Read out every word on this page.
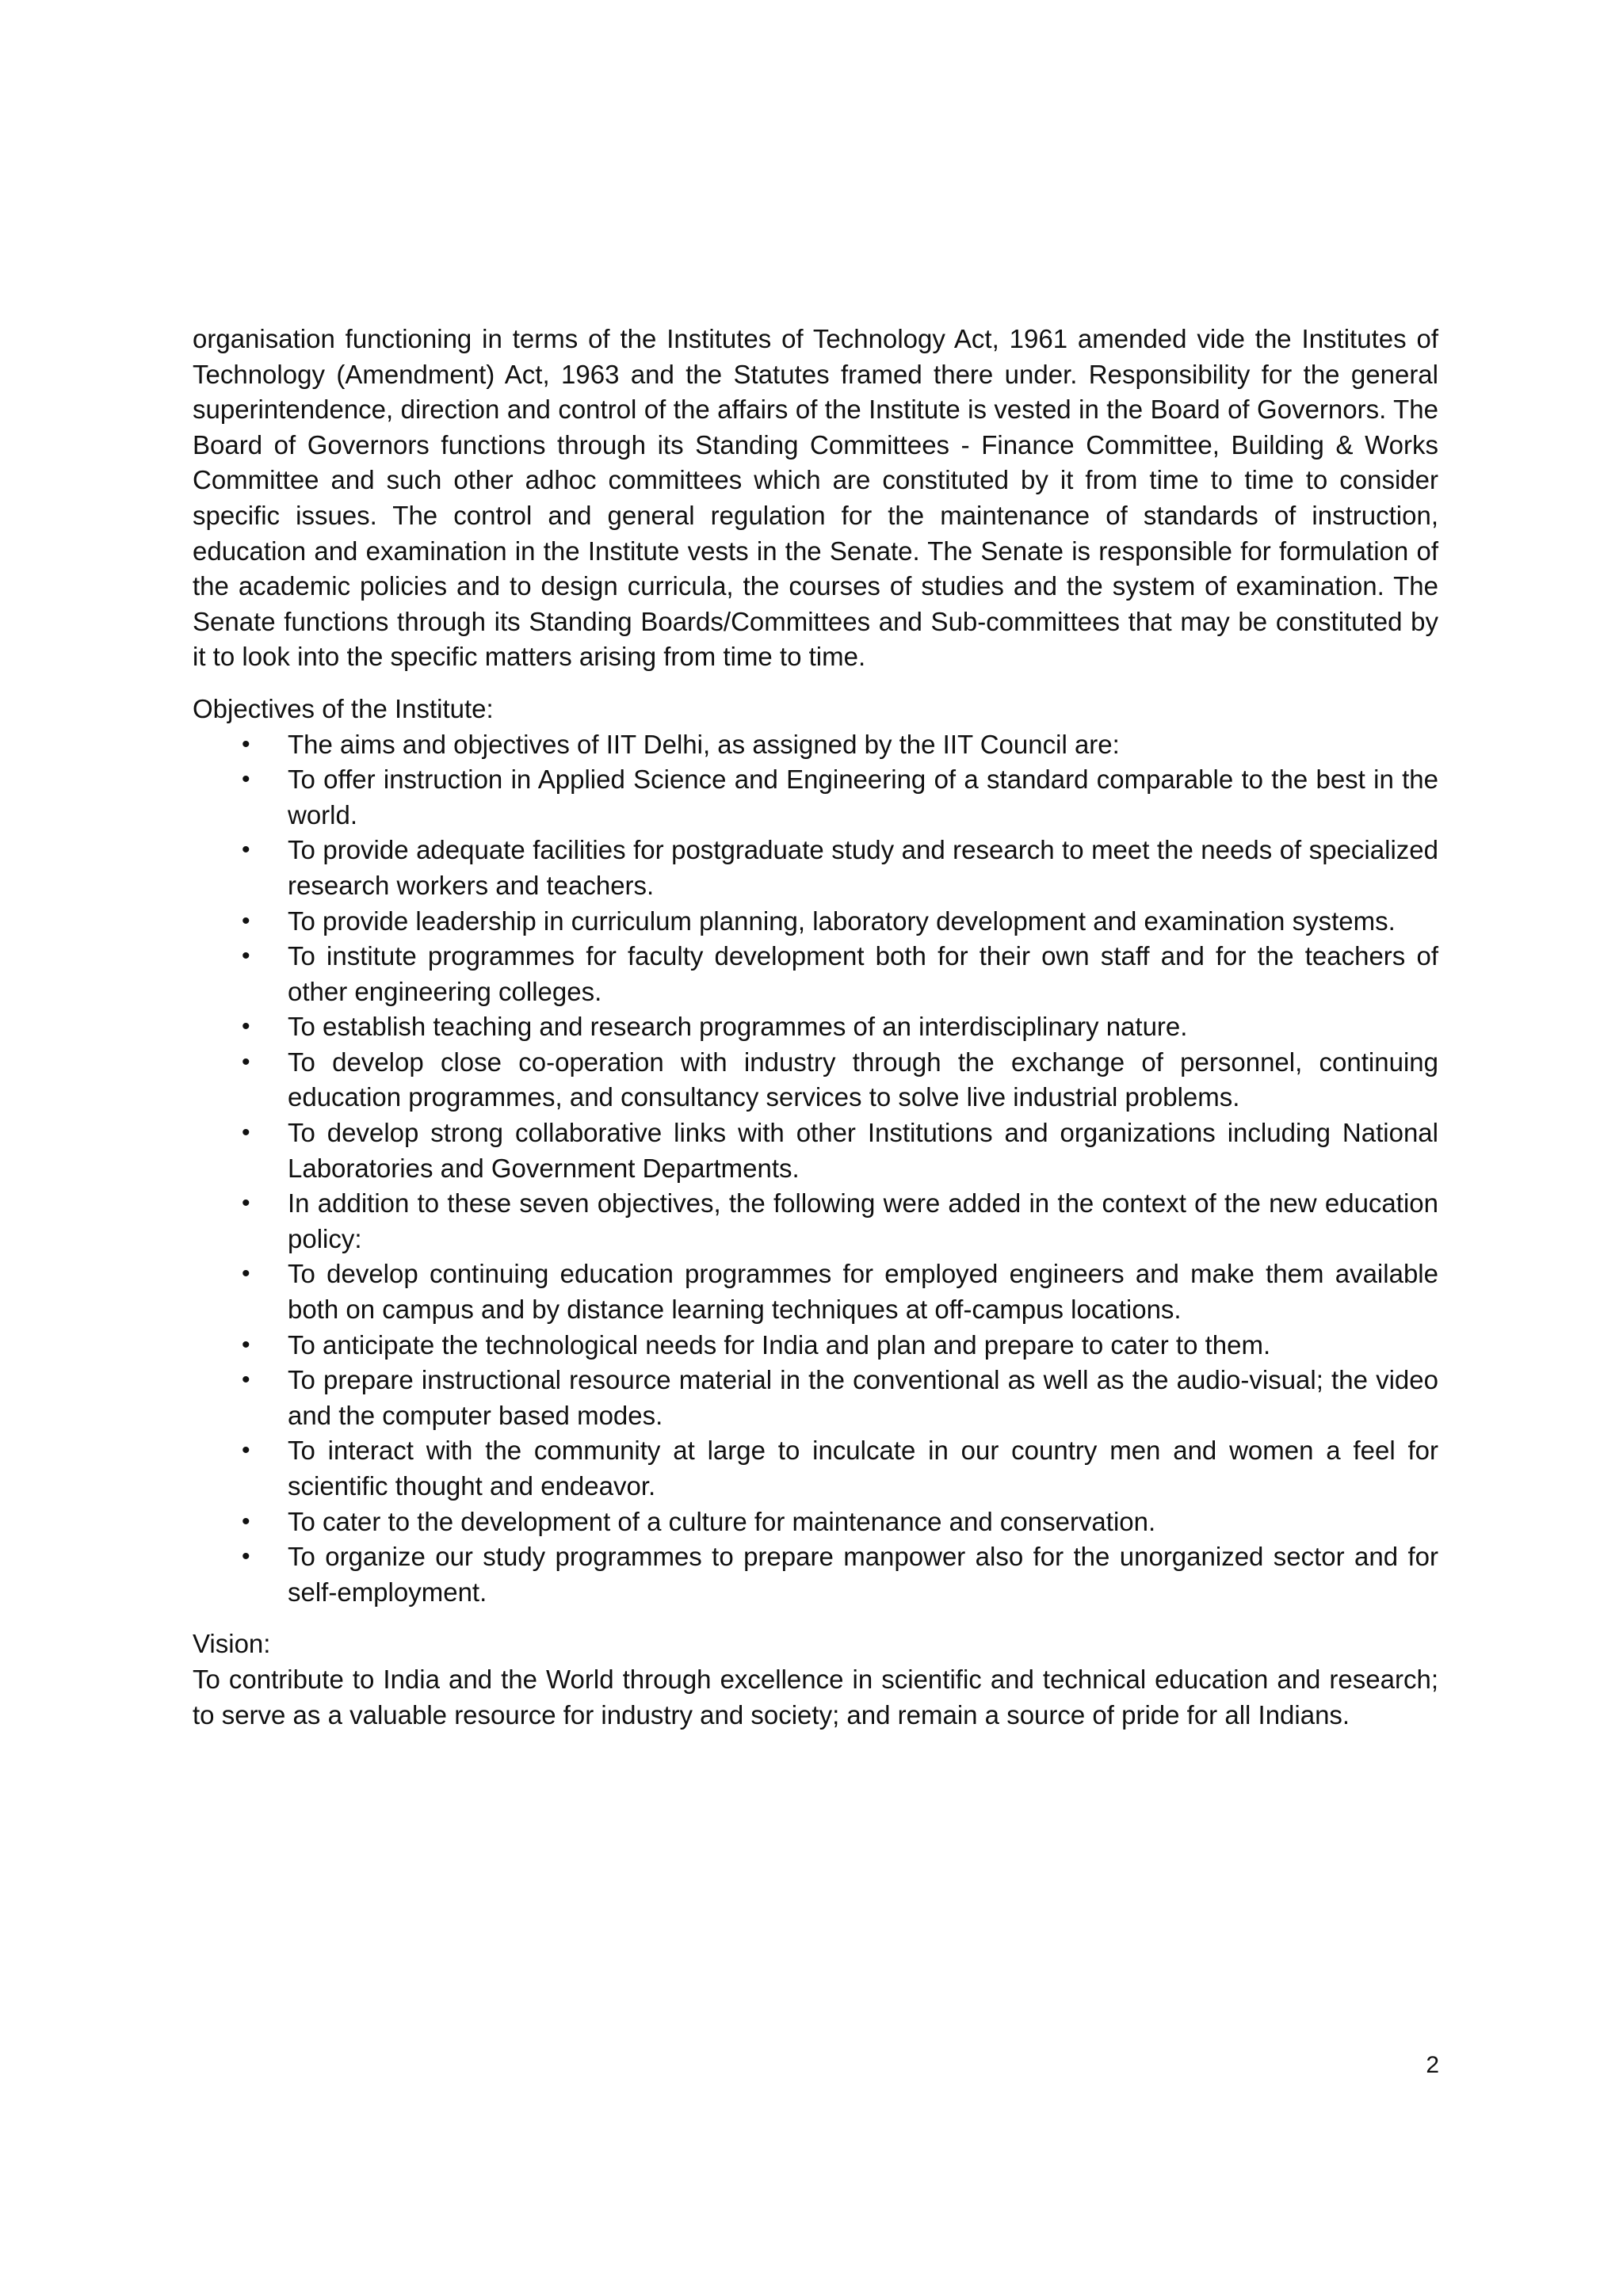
organisation functioning in terms of the Institutes of Technology Act, 1961 amended vide the Institutes of Technology (Amendment) Act, 1963 and the Statutes framed there under. Responsibility for the general superintendence, direction and control of the affairs of the Institute is vested in the Board of Governors. The Board of Governors functions through its Standing Committees - Finance Committee, Building & Works Committee and such other adhoc committees which are constituted by it from time to time to consider specific issues. The control and general regulation for the maintenance of standards of instruction, education and examination in the Institute vests in the Senate. The Senate is responsible for formulation of the academic policies and to design curricula, the courses of studies and the system of examination. The Senate functions through its Standing Boards/Committees and Sub-committees that may be constituted by it to look into the specific matters arising from time to time.

Objectives of the Institute:
• The aims and objectives of IIT Delhi, as assigned by the IIT Council are:
• To offer instruction in Applied Science and Engineering of a standard comparable to the best in the world.
• To provide adequate facilities for postgraduate study and research to meet the needs of specialized research workers and teachers.
• To provide leadership in curriculum planning, laboratory development and examination systems.
• To institute programmes for faculty development both for their own staff and for the teachers of other engineering colleges.
• To establish teaching and research programmes of an interdisciplinary nature.
• To develop close co-operation with industry through the exchange of personnel, continuing education programmes, and consultancy services to solve live industrial problems.
• To develop strong collaborative links with other Institutions and organizations including National Laboratories and Government Departments.
• In addition to these seven objectives, the following were added in the context of the new education policy:
• To develop continuing education programmes for employed engineers and make them available both on campus and by distance learning techniques at off-campus locations.
• To anticipate the technological needs for India and plan and prepare to cater to them.
• To prepare instructional resource material in the conventional as well as the audio-visual; the video and the computer based modes.
• To interact with the community at large to inculcate in our country men and women a feel for scientific thought and endeavor.
• To cater to the development of a culture for maintenance and conservation.
• To organize our study programmes to prepare manpower also for the unorganized sector and for self-employment.
Vision:

To contribute to India and the World through excellence in scientific and technical education and research; to serve as a valuable resource for industry and society; and remain a source of pride for all Indians.

2
